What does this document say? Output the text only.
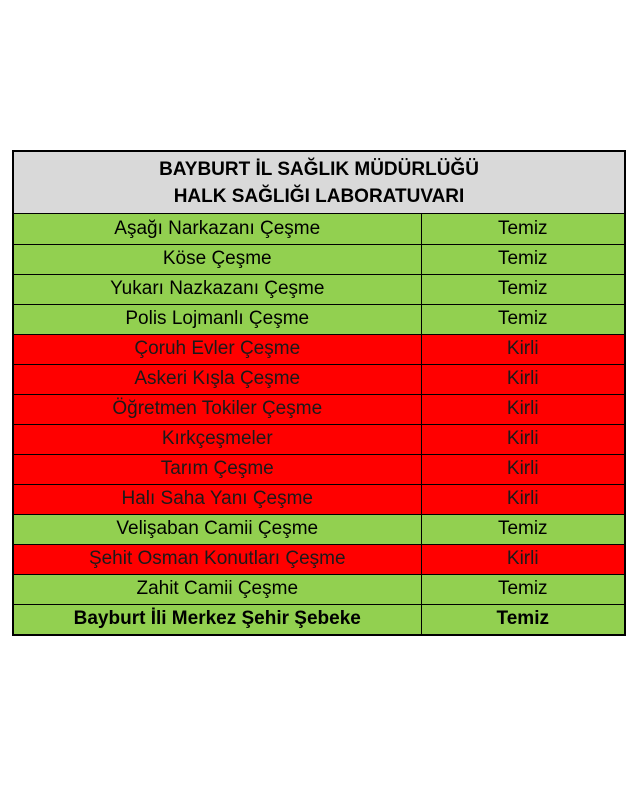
BAYBURT İL SAĞLIK MÜDÜRLÜĞÜ
HALK SAĞLIĞI LABORATUVARI
Aşağı Narkazanı Çeşme	Temiz
Köse Çeşme	Temiz
Yukarı Nazkazanı Çeşme	Temiz
Polis Lojmanlı Çeşme	Temiz
Çoruh Evler Çeşme	Kirli
Askeri Kışla Çeşme	Kirli
Öğretmen Tokiler Çeşme	Kirli
Kırkçeşmeler	Kirli
Tarım Çeşme	Kirli
Halı Saha Yanı Çeşme	Kirli
Velişaban Camii Çeşme	Temiz
Şehit Osman Konutları Çeşme	Kirli
Zahit Camii Çeşme	Temiz
Bayburt İli Merkez Şehir Şebeke	Temiz
